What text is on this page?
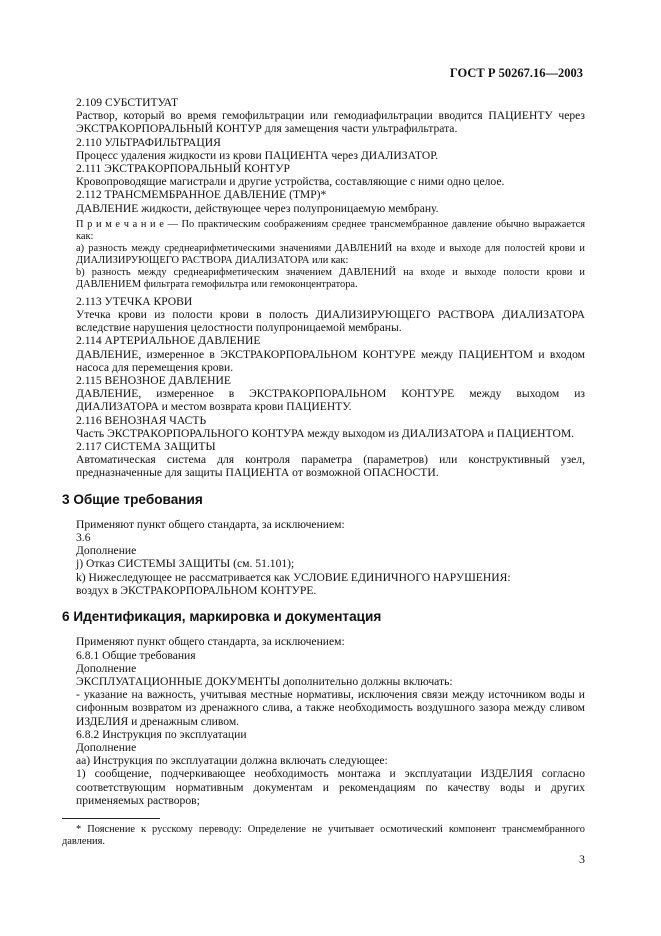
ГОСТ Р 50267.16—2003

2.109 СУБСТИТУАТ

Раствор, который во время гемофильтрации или гемодиафильтрации вводится ПАЦИЕНТУ через ЭКСТРАКОРПОРАЛЬНЫЙ КОНТУР для замещения части ультрафильтрата.

2.110 УЛЬТРАФИЛЬТРАЦИЯ

Процесс удаления жидкости из крови ПАЦИЕНТА через ДИАЛИЗАТОР.

2.111 ЭКСТРАКОРПОРАЛЬНЫЙ КОНТУР

Кровопроводящие магистрали и другие устройства, составляющие с ними одно целое.

2.112 ТРАНСМЕМБРАННОЕ ДАВЛЕНИЕ (ТМР)*

ДАВЛЕНИЕ жидкости, действующее через полупроницаемую мембрану.

П р и м е ч а н и е — По практическим соображениям среднее трансмембранное давление обычно выражается как:

a) разность между среднеарифметическими значениями ДАВЛЕНИЙ на входе и выходе для полостей крови и ДИАЛИЗИРУЮЩЕГО РАСТВОРА ДИАЛИЗАТОРА или как:

b) разность между среднеарифметическим значением ДАВЛЕНИЙ на входе и выходе полости крови и ДАВЛЕНИЕМ фильтрата гемофильтра или гемоконцентратора.

2.113 УТЕЧКА КРОВИ

Утечка крови из полости крови в полость ДИАЛИЗИРУЮЩЕГО РАСТВОРА ДИАЛИЗАТОРА вследствие нарушения целостности полупроницаемой мембраны.

2.114 АРТЕРИАЛЬНОЕ ДАВЛЕНИЕ

ДАВЛЕНИЕ, измеренное в ЭКСТРАКОРПОРАЛЬНОМ КОНТУРЕ между ПАЦИЕНТОМ и входом насоса для перемещения крови.

2.115 ВЕНОЗНОЕ ДАВЛЕНИЕ

ДАВЛЕНИЕ, измеренное в ЭКСТРАКОРПОРАЛЬНОМ КОНТУРЕ между выходом из ДИАЛИЗАТОРА и местом возврата крови ПАЦИЕНТУ.

2.116 ВЕНОЗНАЯ ЧАСТЬ

Часть ЭКСТРАКОРПОРАЛЬНОГО КОНТУРА между выходом из ДИАЛИЗАТОРА и ПАЦИЕНТОМ.

2.117 СИСТЕМА ЗАЩИТЫ

Автоматическая система для контроля параметра (параметров) или конструктивный узел, предназначенные для защиты ПАЦИЕНТА от возможной ОПАСНОСТИ.

3 Общие требования

Применяют пункт общего стандарта, за исключением:

3.6

Дополнение

j) Отказ СИСТЕМЫ ЗАЩИТЫ (см. 51.101);

k) Нижеследующее не рассматривается как УСЛОВИЕ ЕДИНИЧНОГО НАРУШЕНИЯ:

воздух в ЭКСТРАКОРПОРАЛЬНОМ КОНТУРЕ.

6 Идентификация, маркировка и документация

Применяют пункт общего стандарта, за исключением:

6.8.1 Общие требования

Дополнение

ЭКСПЛУАТАЦИОННЫЕ ДОКУМЕНТЫ дополнительно должны включать:

- указание на важность, учитывая местные нормативы, исключения связи между источником воды и сифонным возвратом из дренажного слива, а также необходимость воздушного зазора между сливом ИЗДЕЛИЯ и дренажным сливом.

6.8.2 Инструкция по эксплуатации

Дополнение

аа) Инструкция по эксплуатации должна включать следующее:

1) сообщение, подчеркивающее необходимость монтажа и эксплуатации ИЗДЕЛИЯ согласно соответствующим нормативным документам и рекомендациям по качеству воды и других применяемых растворов;

* Пояснение к русскому переводу: Определение не учитывает осмотический компонент трансмембранного давления.

3
